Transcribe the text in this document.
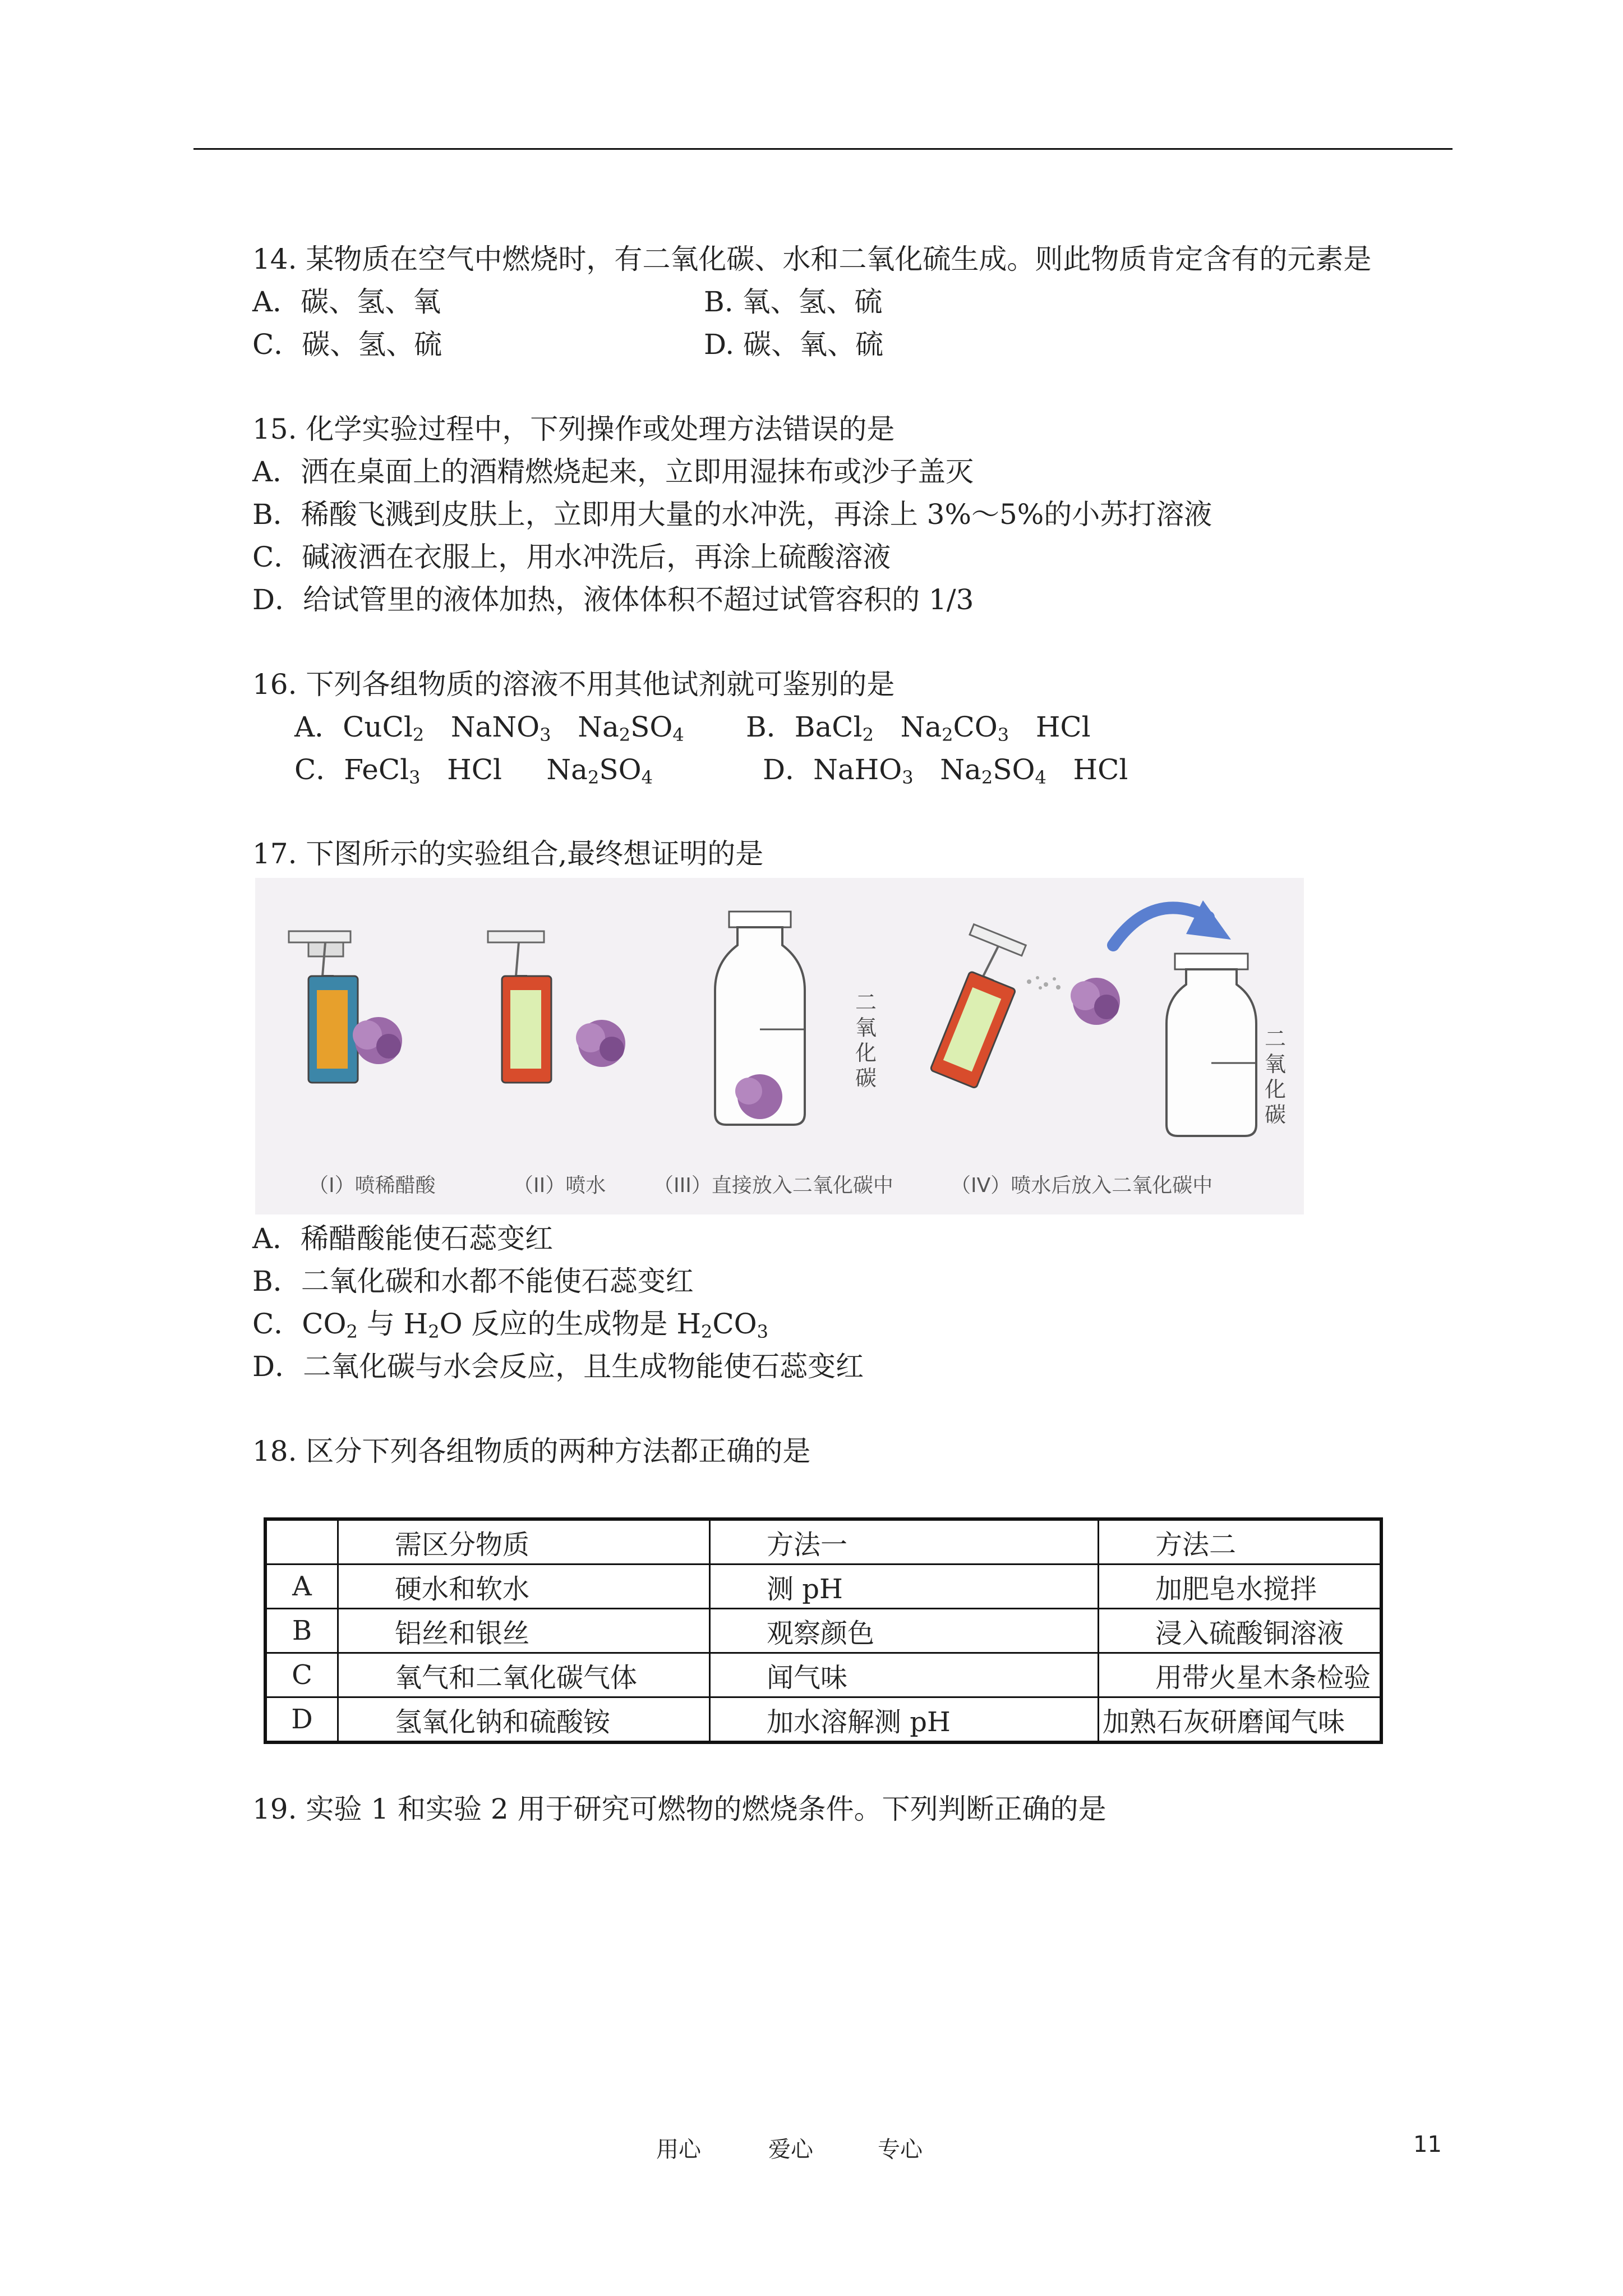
14. 某物质在空气中燃烧时，有二氧化碳、水和二氧化硫生成。则此物质肯定含有的元素是
A．碳、氢、氧	B. 氧、氢、硫
C．碳、氢、硫	D. 碳、氧、硫
15. 化学实验过程中，下列操作或处理方法错误的是
A．洒在桌面上的酒精燃烧起来，立即用湿抹布或沙子盖灭
B．稀酸飞溅到皮肤上，立即用大量的水冲洗，再涂上 3%～5%的小苏打溶液
C．碱液洒在衣服上，用水冲洗后，再涂上硫酸溶液
D．给试管里的液体加热，液体体积不超过试管容积的 1/3
16. 下列各组物质的溶液不用其他试剂就可鉴别的是
A．CuCl$_2$   NaNO$_3$   $Na_2SO_4$ B．BaCl$_2$   $Na_2CO_3$   HCl
C．FeCl$_3$   HCl     $Na_2SO_4$	D．NaHO$_3$   $Na_2SO_4$   HCl
17. 下图所示的实验组合,最终想证明的是
二
氧
化
碳
二
氧
化
碳
（I）喷稀醋酸	（II）喷水 （III）直接放入二氧化碳中	（IV）喷水后放入二氧化碳中
A．稀醋酸能使石蕊变红
B．二氧化碳和水都不能使石蕊变红
C．$CO_2$ 与 $H_2O$ 反应的生成物是 $H_2CO_3$
D．二氧化碳与水会反应，且生成物能使石蕊变红
18. 区分下列各组物质的两种方法都正确的是
	需区分物质	方法一	方法二
A	硬水和软水	测 pH	加肥皂水搅拌
B	铝丝和银丝	观察颜色	浸入硫酸铜溶液
C	氧气和二氧化碳气体	闻气味	用带火星木条检验
D	氢氧化钠和硫酸铵	加水溶解测 pH	加熟石灰研磨闻气味
19. 实验 1 和实验 2 用于研究可燃物的燃烧条件。下列判断正确的是
用心	爱心	专心	11
